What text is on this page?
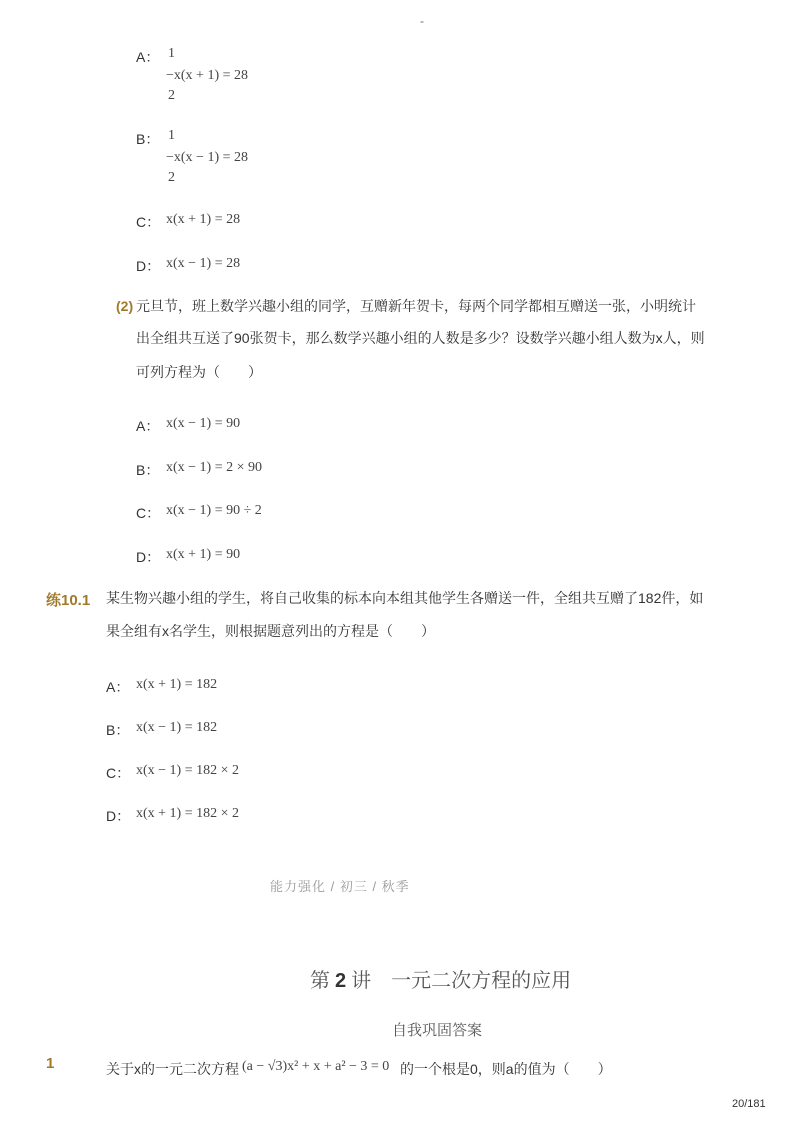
-
A： 1
−x(x + 1) = 28
2
B： 1
−x(x − 1) = 28
2
C： x(x + 1) = 28
D： x(x − 1) = 28
(2) 元旦节，班上数学兴趣小组的同学，互赠新年贺卡，每两个同学都相互赠送一张，小明统计
出全组共互送了90张贺卡，那么数学兴趣小组的人数是多少？设数学兴趣小组人数为x人，则
可列方程为（　　）
A： x(x − 1) = 90
B： x(x − 1) = 2 × 90
C： x(x − 1) = 90 ÷ 2
D： x(x + 1) = 90
练10.1 某生物兴趣小组的学生，将自己收集的标本向本组其他学生各赠送一件，全组共互赠了182件，如
果全组有x名学生，则根据题意列出的方程是（　　）
A： x(x + 1) = 182
B： x(x − 1) = 182
C： x(x − 1) = 182 × 2
D： x(x + 1) = 182 × 2
能力强化 / 初三 / 秋季
第 2 讲　一元二次方程的应用
自我巩固答案
1	关于x的一元二次方程 (a − √3)x² + x + a² − 3 = 0 的一个根是0，则a的值为（　　）
20/181
